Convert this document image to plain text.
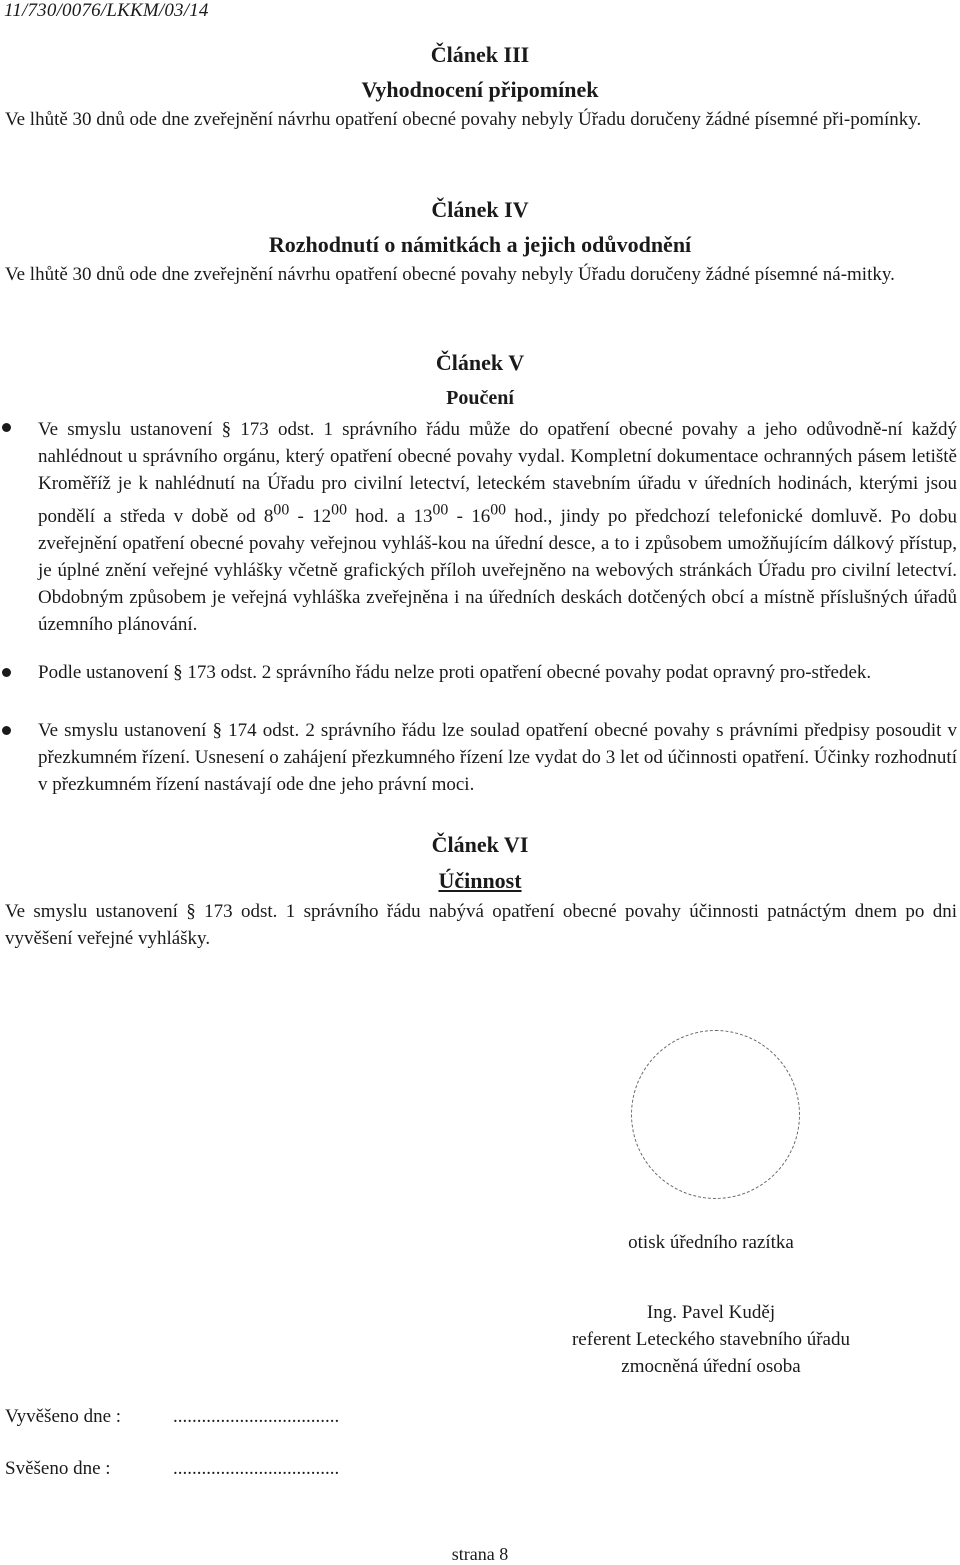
11/730/0076/LKKM/03/14
Článek III
Vyhodnocení připomínek
Ve lhůtě 30 dnů ode dne zveřejnění návrhu opatření obecné povahy nebyly Úřadu doručeny žádné písemné při-pomínky.
Článek IV
Rozhodnutí o námitkách a jejich odůvodnění
Ve lhůtě 30 dnů ode dne zveřejnění návrhu opatření obecné povahy nebyly Úřadu doručeny žádné písemné ná-mitky.
Článek V
Poučení
Ve smyslu ustanovení § 173 odst. 1 správního řádu může do opatření obecné povahy a jeho odůvodně-ní každý nahlédnout u správního orgánu, který opatření obecné povahy vydal. Kompletní dokumentace ochranných pásem letiště Kroměříž je k nahlédnutí na Úřadu pro civilní letectví, leteckém stavebním úřadu v úředních hodinách, kterými jsou pondělí a středa v době od $8^{00} - 12^{00}$ hod. a $13^{00} - 16^{00}$ hod., jindy po předchozí telefonické domluvě. Po dobu zveřejnění opatření obecné povahy veřejnou vyhláš-kou na úřední desce, a to i způsobem umožňujícím dálkový přístup, je úplné znění veřejné vyhlášky včetně grafických příloh uveřejněno na webových stránkách Úřadu pro civilní letectví. Obdobným způsobem je veřejná vyhláška zveřejněna i na úředních deskách dotčených obcí a místně příslušných úřadů územního plánování.
Podle ustanovení § 173 odst. 2 správního řádu nelze proti opatření obecné povahy podat opravný pro-středek.
Ve smyslu ustanovení § 174 odst. 2 správního řádu lze soulad opatření obecné povahy s právními předpisy posoudit v přezkumném řízení. Usnesení o zahájení přezkumného řízení lze vydat do 3 let od účinnosti opatření. Účinky rozhodnutí v přezkumném řízení nastávají ode dne jeho právní moci.
Článek VI
Účinnost
Ve smyslu ustanovení § 173 odst. 1 správního řádu nabývá opatření obecné povahy účinnosti patnáctým dnem po dni vyvěšení veřejné vyhlášky.
otisk úředního razítka
Ing. Pavel Kuděj
referent Leteckého stavebního úřadu
zmocněná úřední osoba
Vyvěšeno dne :	...................................
Svěšeno dne :	...................................
strana 8
